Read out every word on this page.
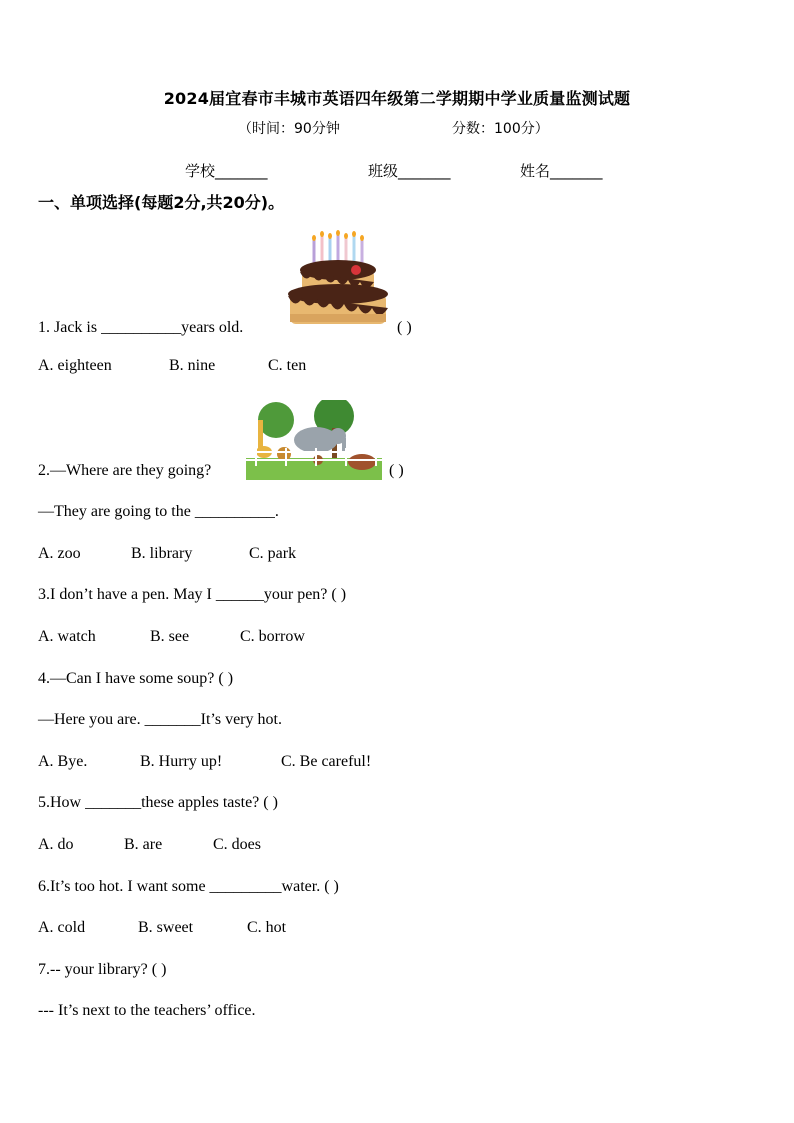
2024届宜春市丰城市英语四年级第二学期期中学业质量监测试题
（时间：90分钟	分数：100分）
学校_______	班级_______	姓名_______
一、单项选择(每题2分,共20分)。
1. Jack is __________years old.	( )
A. eighteen	B. nine	C. ten
2.—Where are they going?	( )
—They are going to the __________.
A. zoo	B. library	C. park
3.I don’t have a pen. May I ______your pen? ( )
A. watch	B. see	C. borrow
4.—Can I have some soup? ( )
—Here you are. _______It’s very hot.
A. Bye.	B. Hurry up!	C. Be careful!
5.How _______these apples taste? ( )
A. do	B. are	C. does
6.It’s too hot. I want some _________water. ( )
A. cold	B. sweet	C. hot
7.-- your library? ( )
--- It’s next to the teachers’ office.
